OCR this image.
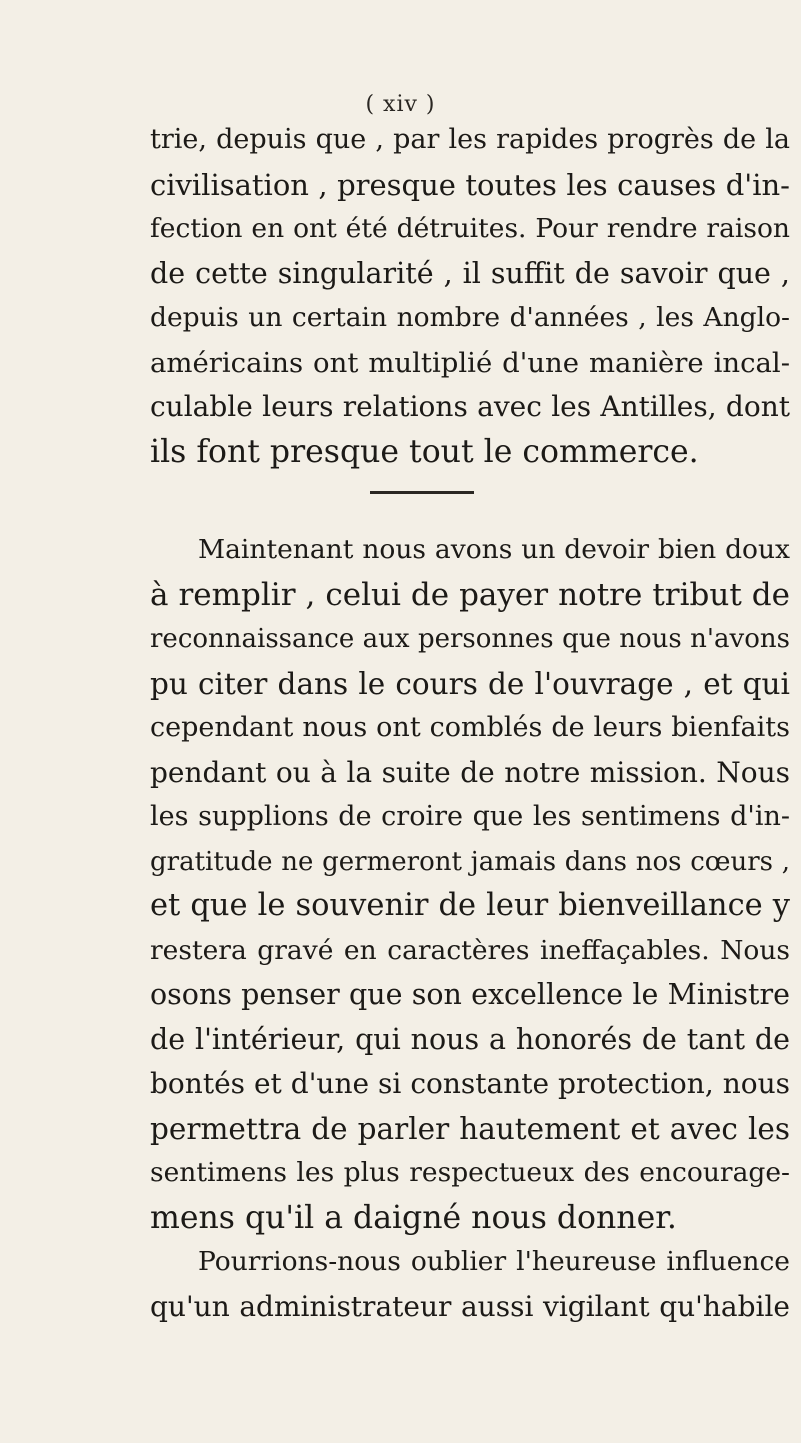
( xiv )
trie, depuis que , par les rapides progrès de la
civilisation , presque toutes les causes d'in-
fection en ont été détruites. Pour rendre raison
de cette singularité , il suffit de savoir que ,
depuis un certain nombre d'années , les Anglo-
américains ont multiplié d'une manière incal-
culable leurs relations avec les Antilles, dont
ils font presque tout le commerce.
Maintenant nous avons un devoir bien doux
à remplir , celui de payer notre tribut de
reconnaissance aux personnes que nous n'avons
pu citer dans le cours de l'ouvrage , et qui
cependant nous ont comblés de leurs bienfaits
pendant ou à la suite de notre mission. Nous
les supplions de croire que les sentimens d'in-
gratitude ne germeront jamais dans nos cœurs ,
et que le souvenir de leur bienveillance y
restera gravé en caractères ineffaçables. Nous
osons penser que son excellence le Ministre
de l'intérieur, qui nous a honorés de tant de
bontés et d'une si constante protection, nous
permettra de parler hautement et avec les
sentimens les plus respectueux des encourage-
mens qu'il a daigné nous donner.
Pourrions-nous oublier l'heureuse influence
qu'un administrateur aussi vigilant qu'habile
